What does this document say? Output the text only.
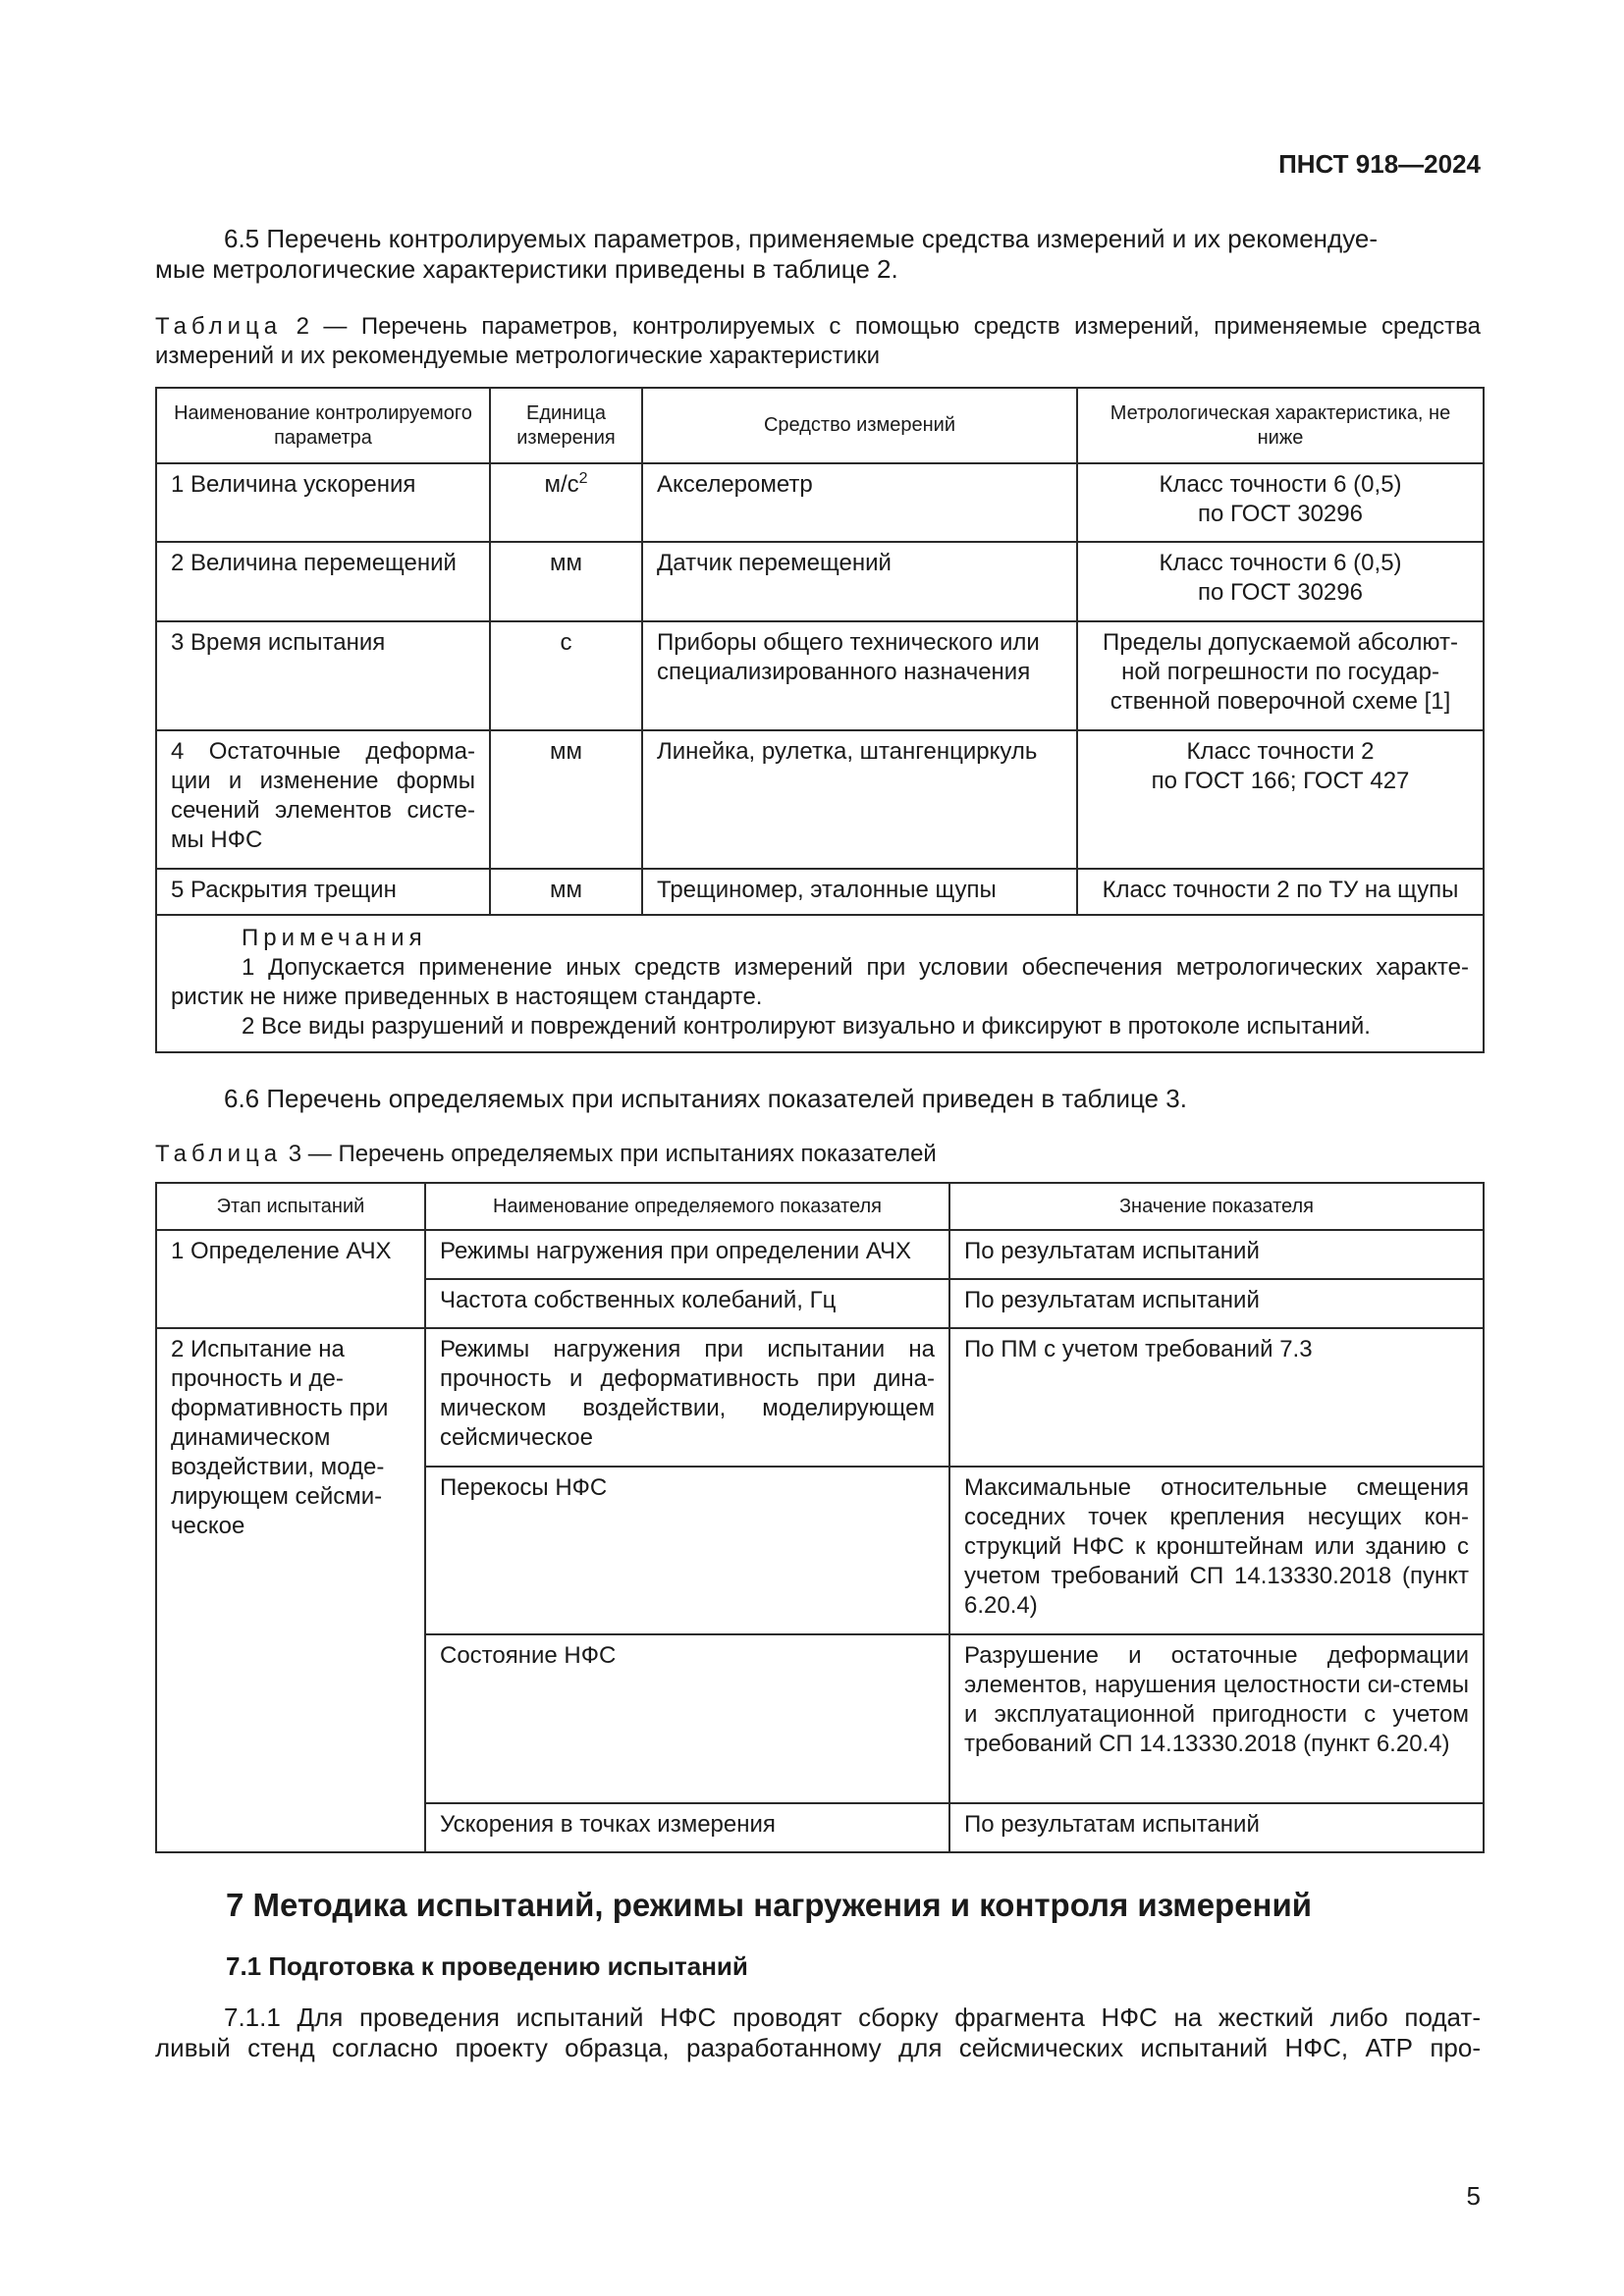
ПНСТ 918—2024
6.5 Перечень контролируемых параметров, применяемые средства измерений и их рекомендуе-
мые метрологические характеристики приведены в таблице 2.
Таблица 2 — Перечень параметров, контролируемых с помощью средств измерений, применяемые средства
измерений и их рекомендуемые метрологические характеристики
Наименование контролируемого параметра	Единица измерения	Средство измерений	Метрологическая характеристика, не ниже
1 Величина ускорения	$м/с^2$	Акселерометр	Класс точности 6 (0,5)
по ГОСТ 30296

2 Величина перемещений	мм	Датчик перемещений	Класс точности 6 (0,5)
по ГОСТ 30296

3 Время испытания	с	Приборы общего технического или специализированного назначения	Пределы допускаемой абсолют-
ной погрешности по государ-
ственной поверочной схеме [1]

4 Остаточные деформа-ции и изменение формы сечений элементов систе-мы НФС	мм	Линейка, рулетка, штангенциркуль	Класс точности 2
по ГОСТ 166; ГОСТ 427

5 Раскрытия трещин	мм	Трещиномер, эталонные щупы	Класс точности 2 по ТУ на щупы

Примечания
1 Допускается применение иных средств измерений при условии обеспечения метрологических характе-
ристик не ниже приведенных в настоящем стандарте.
2 Все виды разрушений и повреждений контролируют визуально и фиксируют в протоколе испытаний.			
6.6 Перечень определяемых при испытаниях показателей приведен в таблице 3.
Таблица 3 — Перечень определяемых при испытаниях показателей
Этап испытаний	Наименование определяемого показателя	Значение показателя
1 Определение АЧХ	Режимы нагружения при определении АЧХ	По результатам испытаний
	Частота собственных колебаний, Гц	По результатам испытаний
2 Испытание на прочность и де-формативность при динамическом воздействии, моде-лирующем сейсми-ческое	Режимы нагружения при испытании на прочность и деформативность при дина-мическом воздействии, моделирующем сейсмическое	По ПМ с учетом требований 7.3
	Перекосы НФС	Максимальные относительные смещения соседних точек крепления несущих кон-струкций НФС к кронштейнам или зданию с учетом требований СП 14.13330.2018 (пункт 6.20.4)
	Состояние НФС	Разрушение и остаточные деформации элементов, нарушения целостности си-стемы и эксплуатационной пригодности с учетом требований СП 14.13330.2018 (пункт 6.20.4)
	Ускорения в точках измерения	По результатам испытаний
7 Методика испытаний, режимы нагружения и контроля измерений
7.1 Подготовка к проведению испытаний
7.1.1 Для проведения испытаний НФС проводят сборку фрагмента НФС на жесткий либо подат-
ливый стенд согласно проекту образца, разработанному для сейсмических испытаний НФС, АТР про-
5
